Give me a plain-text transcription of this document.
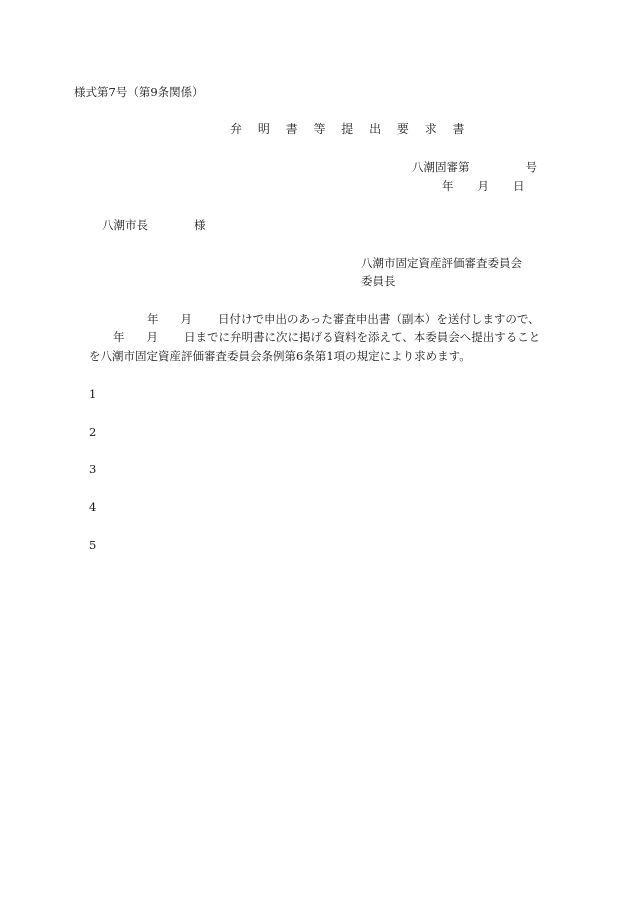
様式第7号（第9条関係）
弁 明 書 等 提 出 要 求 書
八潮固審第	号
年 月 日
八潮市長	様
八潮市固定資産評価審査委員会
委員長
年 月 日付けで申出のあった審査申出書（副本）を送付しますので、
年 月 日までに弁明書に次に掲げる資料を添えて、本委員会へ提出すること
を八潮市固定資産評価審査委員会条例第6条第1項の規定により求めます。
1
2
3
4
5
